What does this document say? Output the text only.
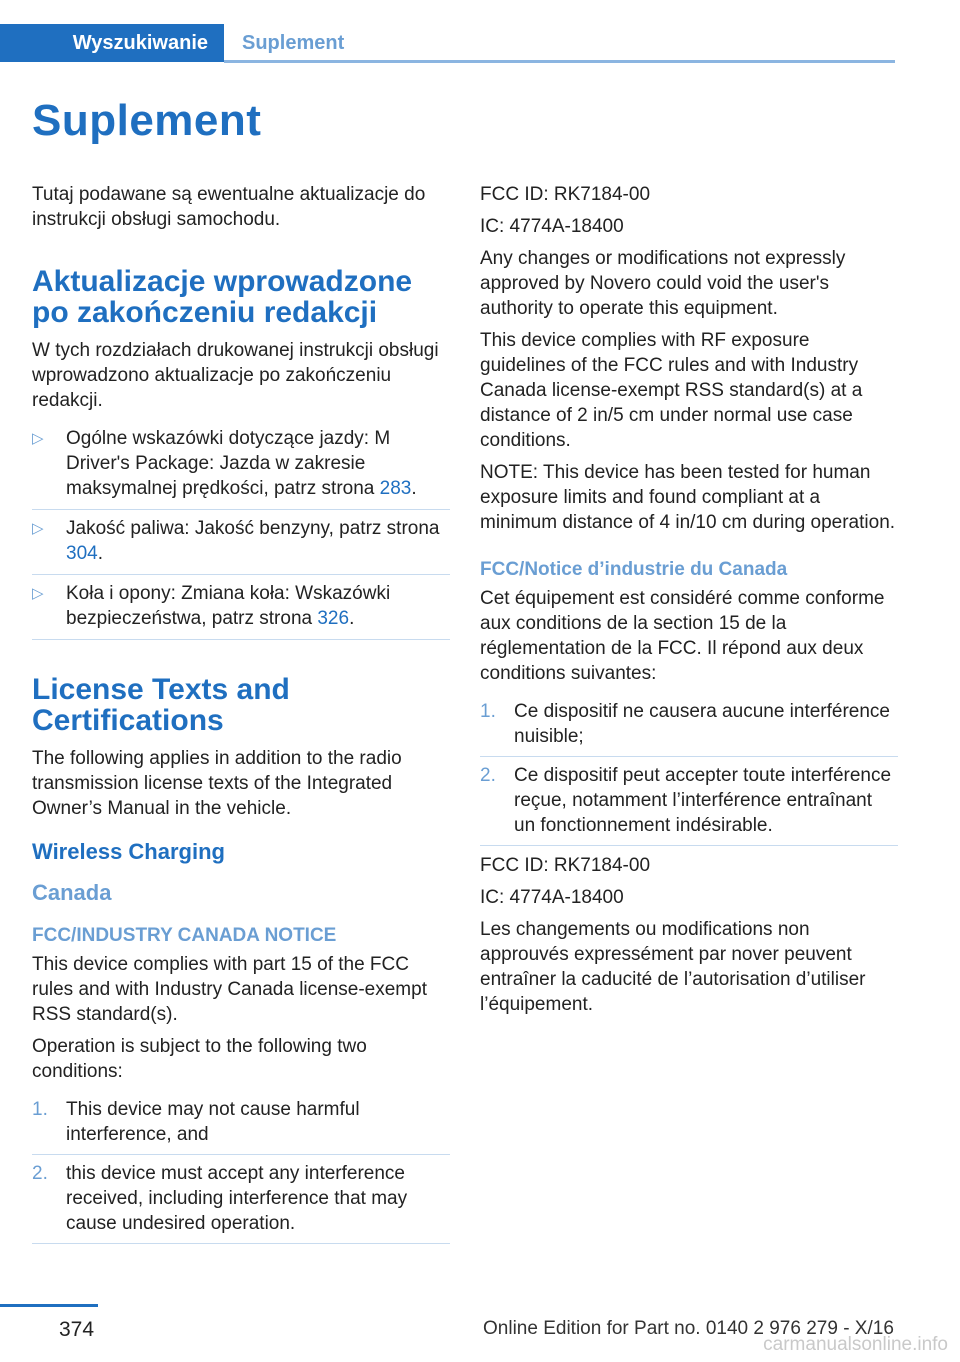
Wyszukiwanie	Suplement
Suplement

Tutaj podawane są ewentualne aktualizacje do instrukcji obsługi samochodu.

Aktualizacje wprowadzone po zakończeniu redakcji

W tych rozdziałach drukowanej instrukcji obsługi wprowadzono aktualizacje po zakończeniu redakcji.

▷ Ogólne wskazówki dotyczące jazdy: M Driver's Package: Jazda w zakresie maksymalnej prędkości, patrz strona 283.
▷ Jakość paliwa: Jakość benzyny, patrz strona 304.
▷ Koła i opony: Zmiana koła: Wskazówki bezpieczeństwa, patrz strona 326.
License Texts and Certifications

The following applies in addition to the radio transmission license texts of the Integrated Owner’s Manual in the vehicle.

Wireless Charging
Canada
FCC/INDUSTRY CANADA NOTICE

This device complies with part 15 of the FCC rules and with Industry Canada license-exempt RSS standard(s).

Operation is subject to the following two conditions:

1. This device may not cause harmful interference, and
2. this device must accept any interference received, including interference that may cause undesired operation.

FCC ID: RK7184-00

IC: 4774A-18400

Any changes or modifications not expressly approved by Novero could void the user's authority to operate this equipment.

This device complies with RF exposure guidelines of the FCC rules and with Industry Canada license-exempt RSS standard(s) at a distance of 2 in/5 cm under normal use case conditions.

NOTE: This device has been tested for human exposure limits and found compliant at a minimum distance of 4 in/10 cm during operation.

FCC/Notice d’industrie du Canada

Cet équipement est considéré comme conforme aux conditions de la section 15 de la réglementation de la FCC. Il répond aux deux conditions suivantes:

1. Ce dispositif ne causera aucune interférence nuisible;
2. Ce dispositif peut accepter toute interférence reçue, notamment l’interférence entraînant un fonctionnement indésirable.

FCC ID: RK7184-00

IC: 4774A-18400

Les changements ou modifications non approuvés expressément par nover peuvent entraîner la caducité de l’autorisation d’utiliser l’équipement.

374	Online Edition for Part no. 0140 2 976 279 - X/16
carmanualsonline.info
